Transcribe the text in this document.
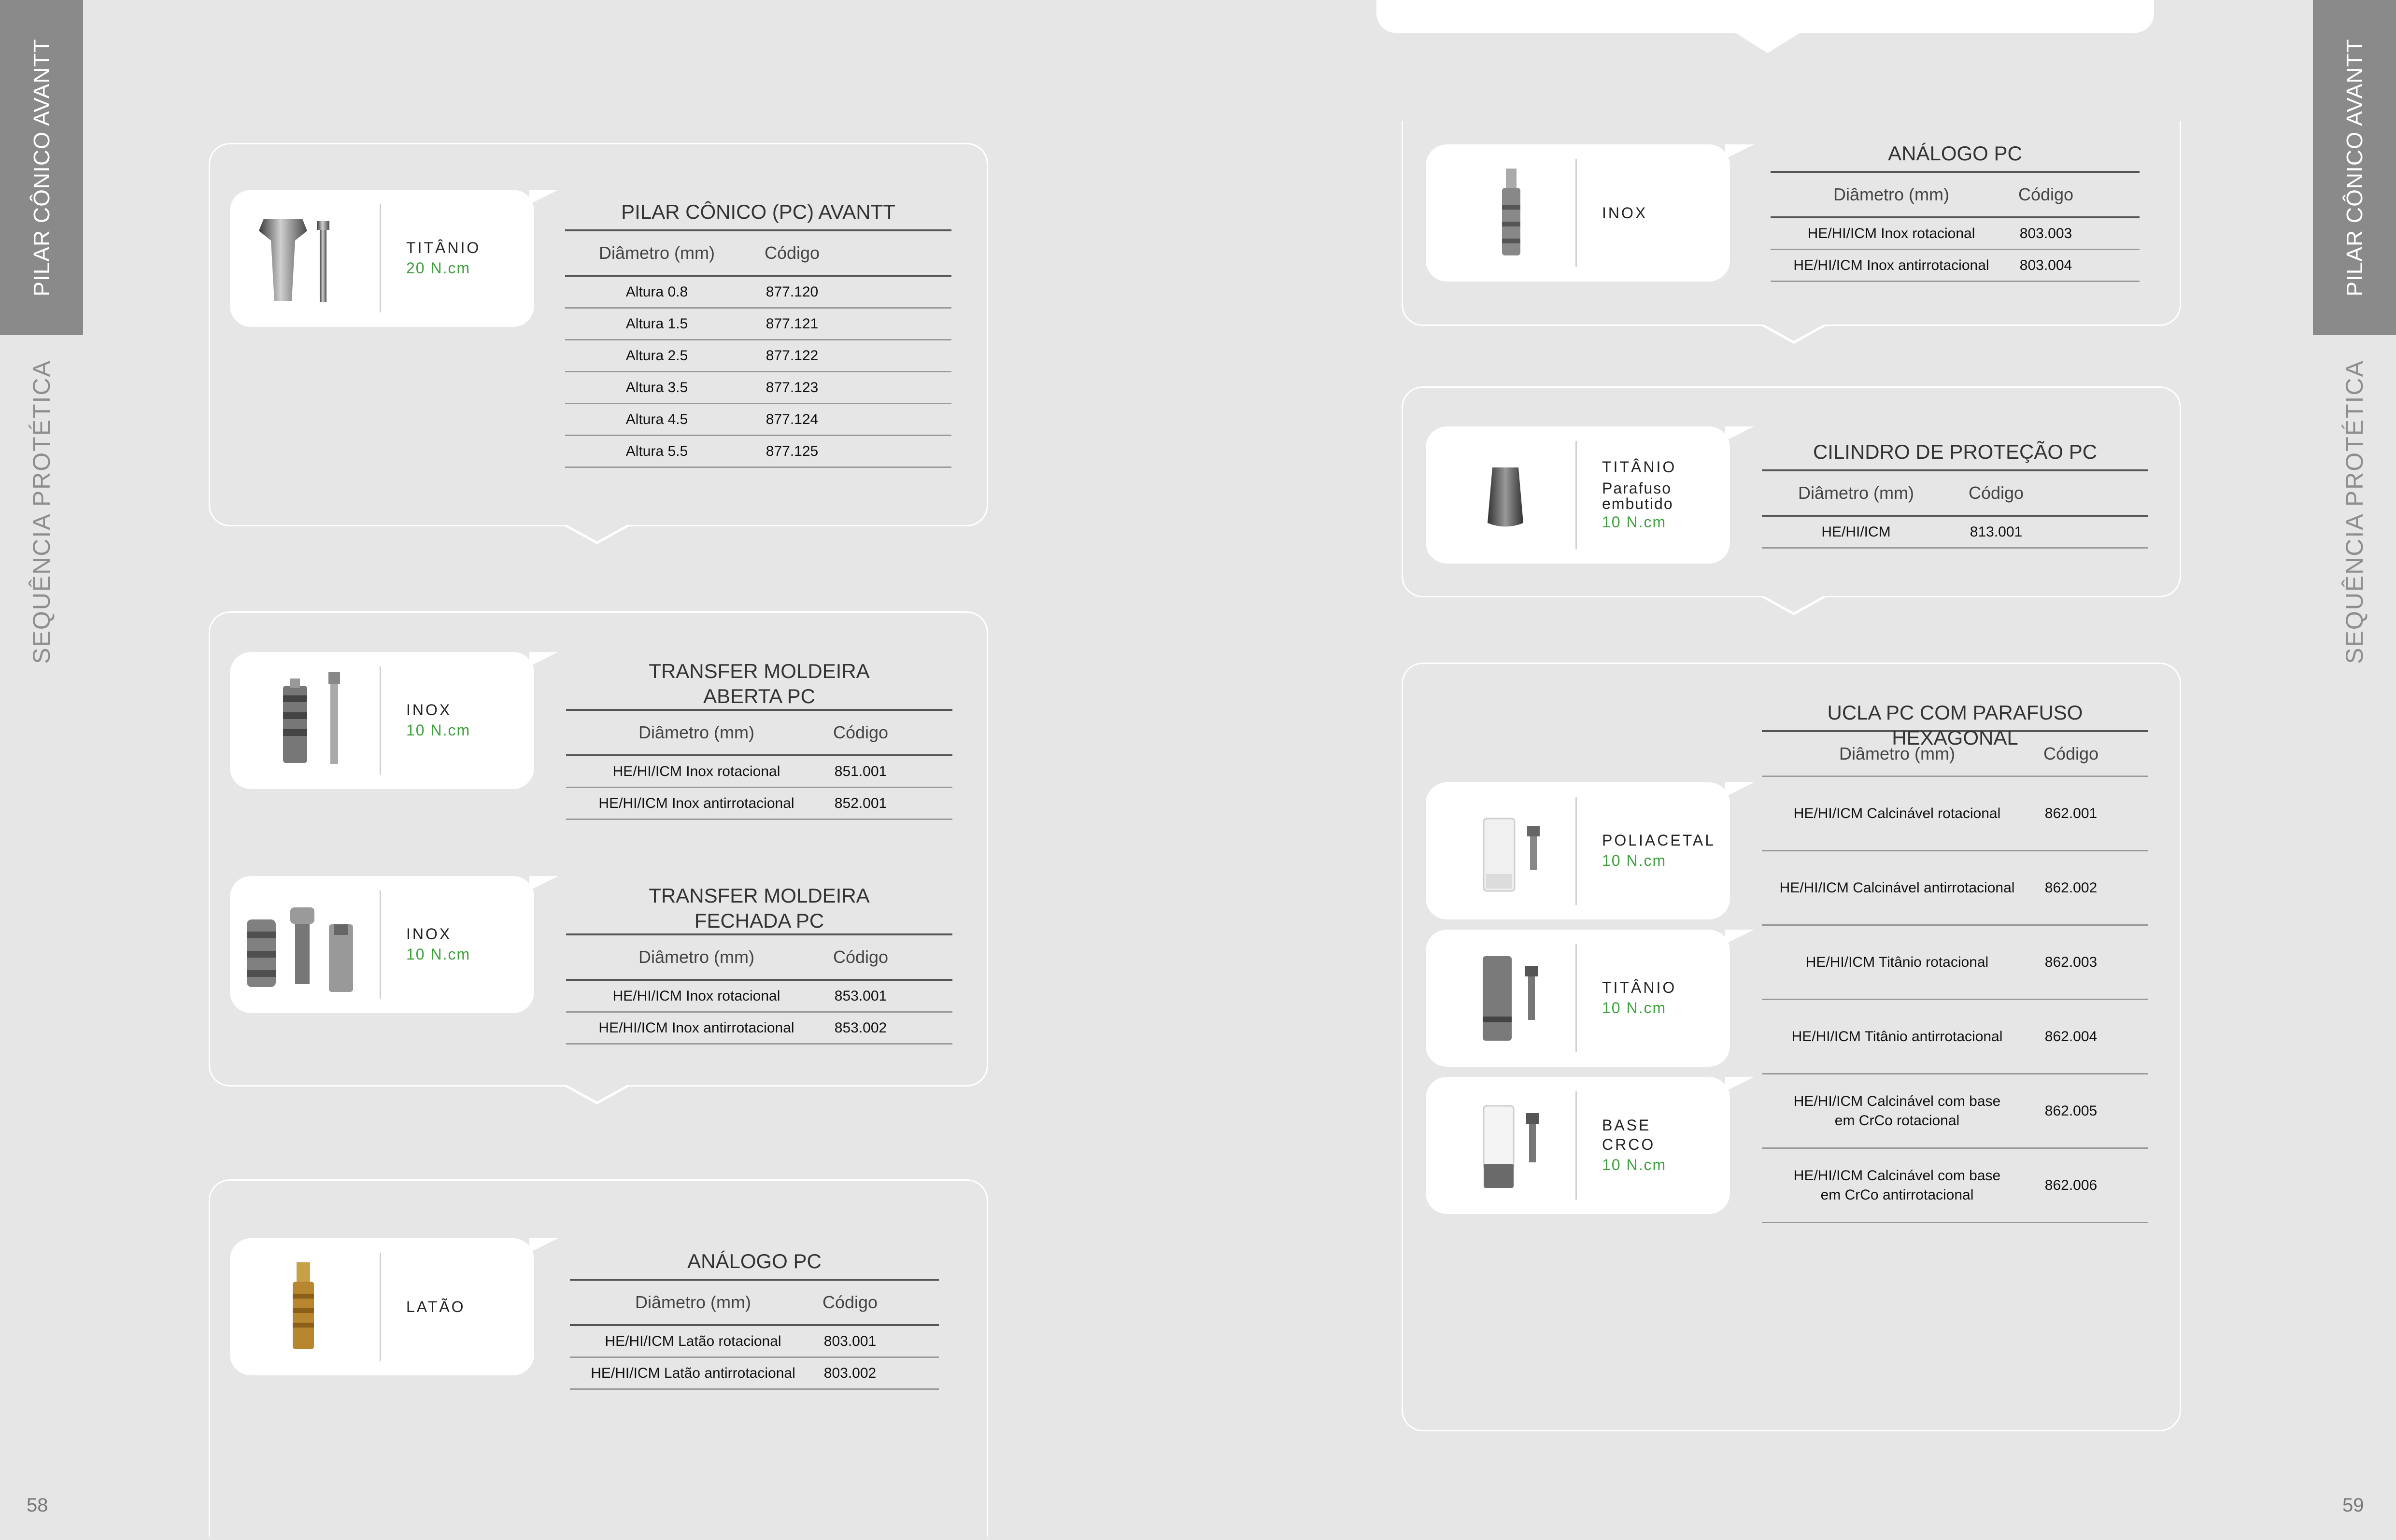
PILAR CÔNICO AVANTT
SEQUÊNCIA PROTÉTICA
58
PILAR CÔNICO AVANTT
SEQUÊNCIA PROTÉTICA
59
TITÂNIO
20 N.cm
PILAR CÔNICO (PC) AVANTT
Diâmetro (mm)	Código
Altura 0.8	877.120
Altura 1.5	877.121
Altura 2.5	877.122
Altura 3.5	877.123
Altura 4.5	877.124
Altura 5.5	877.125
INOX
10 N.cm
TRANSFER MOLDEIRA
ABERTA PC
Diâmetro (mm)	Código
HE/HI/ICM Inox rotacional	851.001
HE/HI/ICM Inox antirrotacional	852.001
INOX
10 N.cm
TRANSFER MOLDEIRA
FECHADA PC
Diâmetro (mm)	Código
HE/HI/ICM Inox rotacional	853.001
HE/HI/ICM Inox antirrotacional	853.002
LATÃO
ANÁLOGO PC
Diâmetro (mm)	Código
HE/HI/ICM Latão rotacional	803.001
HE/HI/ICM Latão antirrotacional	803.002
INOX
ANÁLOGO PC
Diâmetro (mm)	Código
HE/HI/ICM Inox rotacional	803.003
HE/HI/ICM Inox antirrotacional	803.004
TITÂNIO
Parafuso
embutido
10 N.cm
CILINDRO DE PROTEÇÃO PC
Diâmetro (mm)	Código
HE/HI/ICM	813.001
POLIACETAL
10 N.cm
TITÂNIO
10 N.cm
BASE
CRCO
10 N.cm
UCLA PC COM PARAFUSO HEXAGONAL
Diâmetro (mm)	Código
HE/HI/ICM Calcinável rotacional	862.001
HE/HI/ICM Calcinável antirrotacional	862.002
HE/HI/ICM Titânio rotacional	862.003
HE/HI/ICM Titânio antirrotacional	862.004
HE/HI/ICM Calcinável com base
em CrCo rotacional
862.005
HE/HI/ICM Calcinável com base
em CrCo antirrotacional
862.006
